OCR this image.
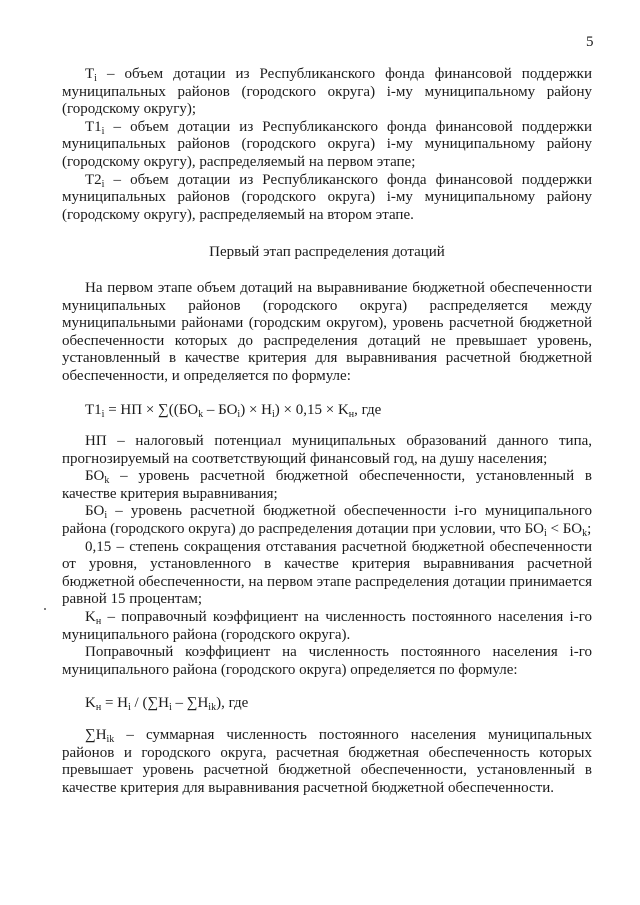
5

$T_i$ – объем дотации из Республиканского фонда финансовой поддержки муниципальных районов (городского округа) i-му муниципальному району (городскому округу);

$T1_i$ – объем дотации из Республиканского фонда финансовой поддержки муниципальных районов (городского округа) i-му муниципальному району (городскому округу), распределяемый на первом этапе;

$T2_i$ – объем дотации из Республиканского фонда финансовой поддержки муниципальных районов (городского округа) i-му муниципальному району (городскому округу), распределяемый на втором этапе.

Первый этап распределения дотаций

На первом этапе объем дотаций на выравнивание бюджетной обеспеченности муниципальных районов (городского округа) распределяется между муниципальными районами (городским округом), уровень расчетной бюджетной обеспеченности которых до распределения дотаций не превышает уровень, установленный в качестве критерия для выравнивания расчетной бюджетной обеспеченности, и определяется по формуле:

$T1_i$ = НП × $\sum((БО_k - БО_i) \times H_i) \times 0,15 \times K_н$, где

НП – налоговый потенциал муниципальных образований данного типа, прогнозируемый на соответствующий финансовый год, на душу населения;

$БО_k$ – уровень расчетной бюджетной обеспеченности, установленный в качестве критерия выравнивания;

$БО_i$ – уровень расчетной бюджетной обеспеченности i-го муниципального района (городского округа) до распределения дотации при условии, что $БО_i < БО_k$;

0,15 – степень сокращения отставания расчетной бюджетной обеспеченности от уровня, установленного в качестве критерия выравнивания расчетной бюджетной обеспеченности, на первом этапе распределения дотации принимается равной 15 процентам;

$K_н$ – поправочный коэффициент на численность постоянного населения i-го муниципального района (городского округа).

Поправочный коэффициент на численность постоянного населения i-го муниципального района (городского округа) определяется по формуле:

$K_н = H_i / (\sum H_i - \sum H_{ik})$, где

$\sum H_{ik}$ – суммарная численность постоянного населения муниципальных районов и городского округа, расчетная бюджетная обеспеченность которых превышает уровень расчетной бюджетной обеспеченности, установленный в качестве критерия для выравнивания расчетной бюджетной обеспеченности.
